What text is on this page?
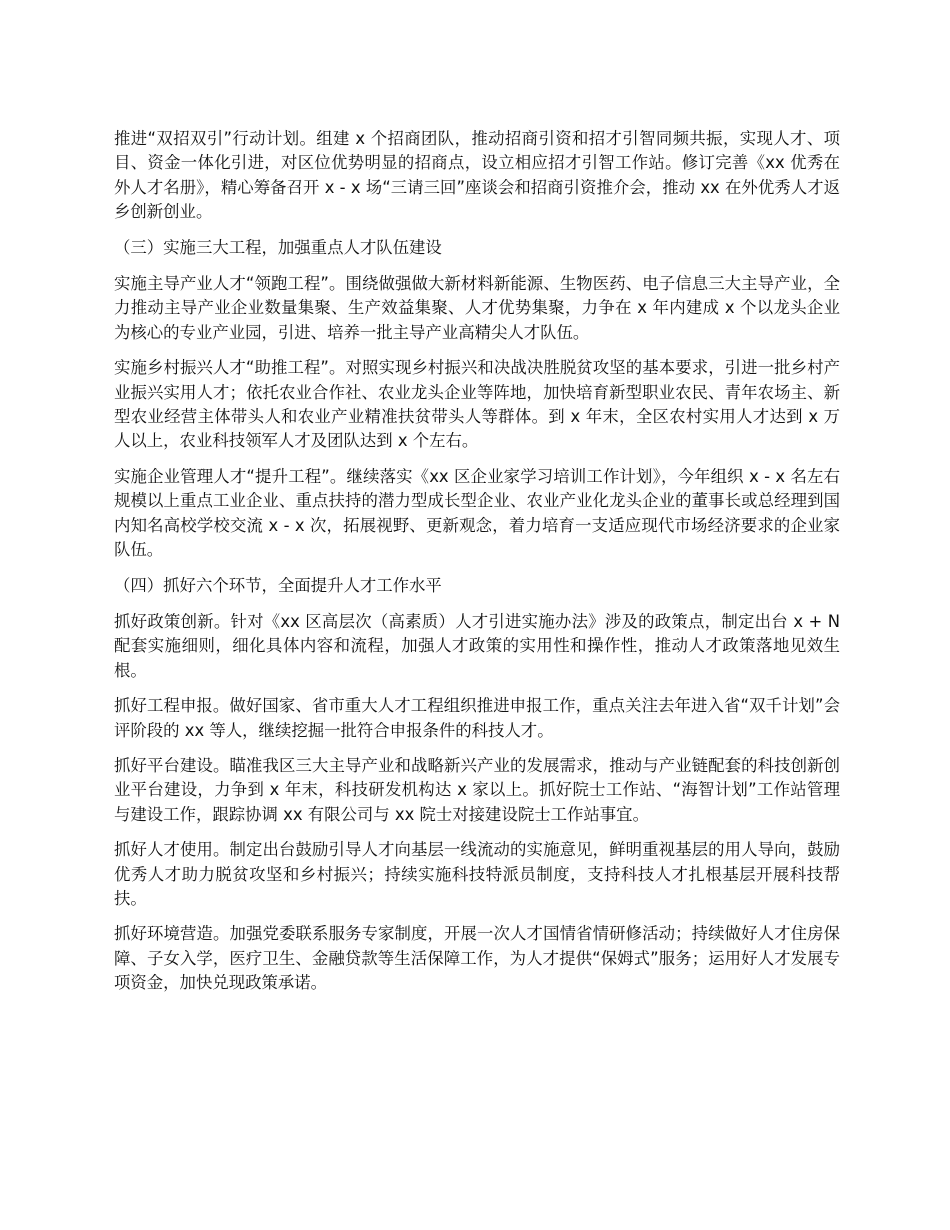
推进“双招双引”行动计划。组建 x 个招商团队，推动招商引资和招才引智同频共振，实现人才、项目、资金一体化引进，对区位优势明显的招商点，设立相应招才引智工作站。修订完善《xx 优秀在外人才名册》，精心筹备召开 x - x 场“三请三回”座谈会和招商引资推介会，推动 xx 在外优秀人才返乡创新创业。

（三）实施三大工程，加强重点人才队伍建设

实施主导产业人才“领跑工程”。围绕做强做大新材料新能源、生物医药、电子信息三大主导产业，全力推动主导产业企业数量集聚、生产效益集聚、人才优势集聚，力争在 x 年内建成 x 个以龙头企业为核心的专业产业园，引进、培养一批主导产业高精尖人才队伍。

实施乡村振兴人才“助推工程”。对照实现乡村振兴和决战决胜脱贫攻坚的基本要求，引进一批乡村产业振兴实用人才；依托农业合作社、农业龙头企业等阵地，加快培育新型职业农民、青年农场主、新型农业经营主体带头人和农业产业精准扶贫带头人等群体。到 x 年末，全区农村实用人才达到 x 万人以上，农业科技领军人才及团队达到 x 个左右。

实施企业管理人才“提升工程”。继续落实《xx 区企业家学习培训工作计划》，今年组织 x - x 名左右规模以上重点工业企业、重点扶持的潜力型成长型企业、农业产业化龙头企业的董事长或总经理到国内知名高校学校交流 x - x 次，拓展视野、更新观念，着力培育一支适应现代市场经济要求的企业家队伍。

（四）抓好六个环节，全面提升人才工作水平

抓好政策创新。针对《xx 区高层次（高素质）人才引进实施办法》涉及的政策点，制定出台 x + N 配套实施细则，细化具体内容和流程，加强人才政策的实用性和操作性，推动人才政策落地见效生根。

抓好工程申报。做好国家、省市重大人才工程组织推进申报工作，重点关注去年进入省“双千计划”会评阶段的 xx 等人，继续挖掘一批符合申报条件的科技人才。

抓好平台建设。瞄准我区三大主导产业和战略新兴产业的发展需求，推动与产业链配套的科技创新创业平台建设，力争到 x 年末，科技研发机构达 x 家以上。抓好院士工作站、“海智计划”工作站管理与建设工作，跟踪协调 xx 有限公司与 xx 院士对接建设院士工作站事宜。

抓好人才使用。制定出台鼓励引导人才向基层一线流动的实施意见，鲜明重视基层的用人导向，鼓励优秀人才助力脱贫攻坚和乡村振兴；持续实施科技特派员制度，支持科技人才扎根基层开展科技帮扶。

抓好环境营造。加强党委联系服务专家制度，开展一次人才国情省情研修活动；持续做好人才住房保障、子女入学，医疗卫生、金融贷款等生活保障工作，为人才提供“保姆式”服务；运用好人才发展专项资金，加快兑现政策承诺。
